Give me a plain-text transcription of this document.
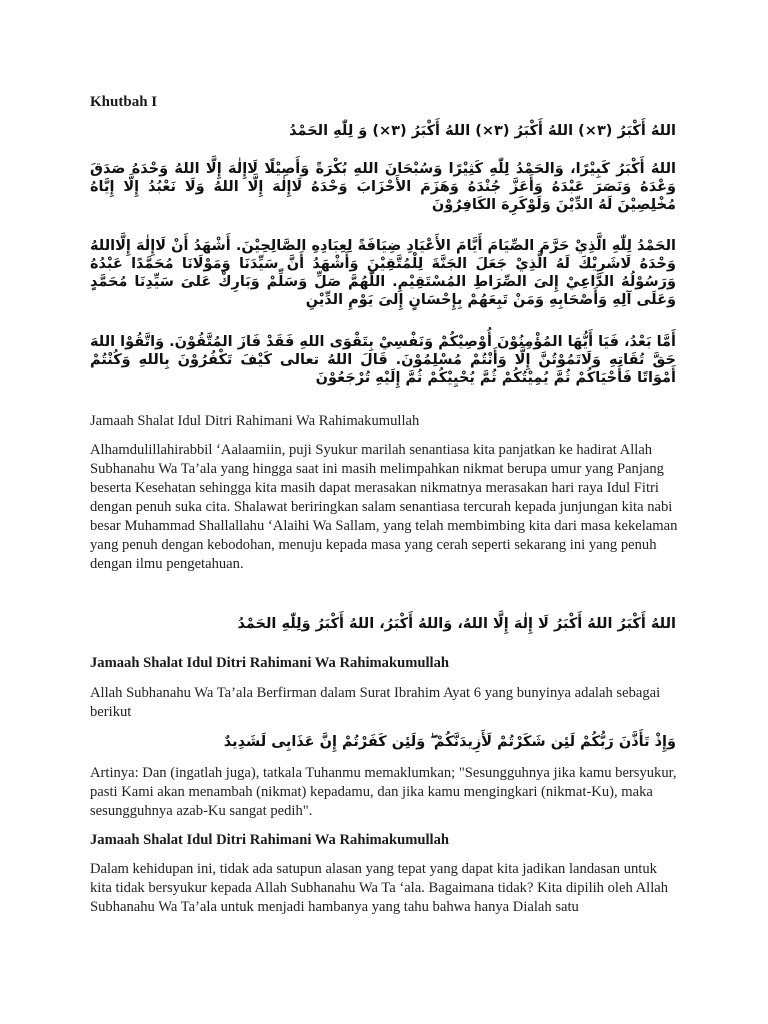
Khutbah I
اللهُ أَكْبَرُ (٣×) اللهُ أَكْبَرُ (٣×) اللهُ أَكْبَرُ (٣×) وَ لِلّٰهِ الحَمْدُ
اللهُ أَكْبَرُ كَبِيْرًا، وَالحَمْدُ لِلّٰهِ كَثِيْرًا وَسُبْحَانَ اللهِ بُكْرَةً وَأَصِيْلًا لَاإِلٰهَ إِلَّا اللهُ وَحْدَهُ صَدَقَ وَعْدَهُ وَنَصَرَ عَبْدَهُ وَأَعَزَّ جُنْدَهُ وَهَزَمَ الأَحْزَابَ وَحْدَهُ لَاإِلٰهَ إِلَّا اللهُ وَلَا نَعْبُدُ إِلَّا إِيَّاهُ مُخْلِصِيْنَ لَهُ الدِّيْنَ وَلَوْكَرِهَ الكَافِرُوْنَ
الحَمْدُ لِلّٰهِ الَّذِيْ حَرَّمَ الصِّيَامَ أَيَّامَ الأَعْيَادِ ضِيَافَةً لِعِبَادِهِ الصَّالِحِيْنَ. أَشْهَدُ أَنْ لَاإِلٰهَ إِلَّااللهُ وَحْدَهُ لَاشَرِيْكَ لَهُ الَّذِيْ جَعَلَ الجَنَّةَ لِلْمُتَّقِيْنَ وَأَشْهَدُ أَنَّ سَيِّدَنَا وَمَوْلَانَا مُحَمَّدًا عَبْدُهُ وَرَسُوْلُهُ الدَّاعِيْ إِلىَ الصِّرَاطِ المُسْتَقِيْمِ. اللّٰهُمَّ صَلِّ وَسَلِّمْ وَبَارِكْ عَلىَ سَيِّدِنَا مُحَمَّدٍ وَعَلَى آلِهِ وَأَصْحَابِهِ وَمَنْ تَبِعَهُمْ بِإِحْسَانٍ إِلىَ يَوْمِ الدِّيْنِ
أَمَّا بَعْدُ، فَيَا أَيُّهَا المُؤْمِنُوْنَ أُوْصِيْكُمْ وَنَفْسِيْ بِتَقْوَى اللهِ فَقَدْ فَازَ المُتَّقُوْنَ. وَاتَّقُوْا اللهَ حَقَّ تُقَاتِهِ وَلَاتَمُوْتُنَّ إِلَّا وَأَنْتُمْ مُسْلِمُوْنَ. قَالَ اللهُ تعالى كَيْفَ تَكْفُرُوْنَ بِاللهِ وَكُنْتُمْ أَمْوَاتًا فَأَحْيَاكُمْ ثُمَّ يُمِيْتُكُمْ ثُمَّ يُحْيِيْكُمْ ثُمَّ إِلَيْهِ تُرْجَعُوْنَ
Jamaah Shalat Idul Ditri Rahimani Wa Rahimakumullah
Alhamdulillahirabbil ‘Aalaamiin, puji Syukur marilah senantiasa kita panjatkan ke hadirat Allah Subhanahu Wa Ta’ala yang hingga saat ini masih melimpahkan nikmat berupa umur yang Panjang beserta Kesehatan sehingga kita masih dapat merasakan nikmatnya merasakan hari raya Idul Fitri dengan penuh suka cita. Shalawat beriringkan salam senantiasa tercurah kepada junjungan kita nabi besar Muhammad Shallallahu ‘Alaihi Wa Sallam, yang telah membimbing kita dari masa kekelaman yang penuh dengan kebodohan, menuju kepada masa yang cerah seperti sekarang ini yang penuh dengan ilmu pengetahuan.
اللهُ أَكْبَرُ اللهُ أَكْبَرُ لَا إِلٰهَ إِلَّا اللهُ، وَاللهُ أَكْبَرُ، اللهُ أَكْبَرُ وَلِلّٰهِ الحَمْدُ
Jamaah Shalat Idul Ditri Rahimani Wa Rahimakumullah
Allah Subhanahu Wa Ta’ala Berfirman dalam Surat Ibrahim Ayat 6 yang bunyinya adalah sebagai berikut
وَإِذْ تَأَذَّنَ رَبُّكُمْ لَئِن شَكَرْتُمْ لَأَزِيدَنَّكُمْ ۖ وَلَئِن كَفَرْتُمْ إِنَّ عَذَابِى لَشَدِيدٌ
Artinya: Dan (ingatlah juga), tatkala Tuhanmu memaklumkan; "Sesungguhnya jika kamu bersyukur, pasti Kami akan menambah (nikmat) kepadamu, dan jika kamu mengingkari (nikmat-Ku), maka sesungguhnya azab-Ku sangat pedih".
Jamaah Shalat Idul Ditri Rahimani Wa Rahimakumullah
Dalam kehidupan ini, tidak ada satupun alasan yang tepat yang dapat kita jadikan landasan untuk kita tidak bersyukur kepada Allah Subhanahu Wa Ta ‘ala. Bagaimana tidak? Kita dipilih oleh Allah Subhanahu Wa Ta’ala untuk menjadi hambanya yang tahu bahwa hanya Dialah satu
